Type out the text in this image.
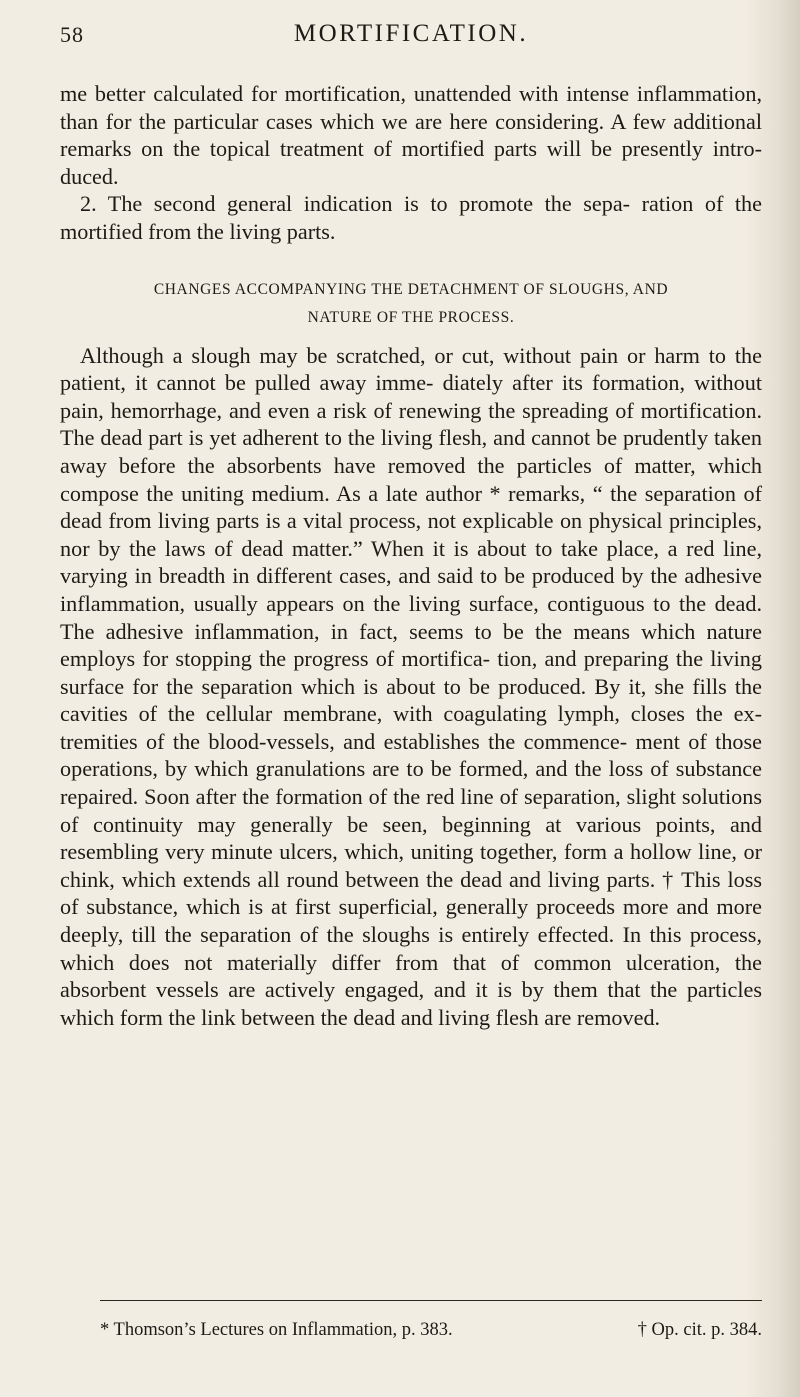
58	MORTIFICATION.

me better calculated for mortification, unattended with intense inflammation, than for the particular cases which we are here considering. A few additional remarks on the topical treatment of mortified parts will be presently intro- duced.

2. The second general indication is to promote the sepa- ration of the mortified from the living parts.

CHANGES ACCOMPANYING THE DETACHMENT OF SLOUGHS, AND
NATURE OF THE PROCESS.

Although a slough may be scratched, or cut, without pain or harm to the patient, it cannot be pulled away imme- diately after its formation, without pain, hemorrhage, and even a risk of renewing the spreading of mortification. The dead part is yet adherent to the living flesh, and cannot be prudently taken away before the absorbents have removed the particles of matter, which compose the uniting medium. As a late author * remarks, “ the separation of dead from living parts is a vital process, not explicable on physical principles, nor by the laws of dead matter.” When it is about to take place, a red line, varying in breadth in different cases, and said to be produced by the adhesive inflammation, usually appears on the living surface, contiguous to the dead. The adhesive inflammation, in fact, seems to be the means which nature employs for stopping the progress of mortifica- tion, and preparing the living surface for the separation which is about to be produced. By it, she fills the cavities of the cellular membrane, with coagulating lymph, closes the ex- tremities of the blood-vessels, and establishes the commence- ment of those operations, by which granulations are to be formed, and the loss of substance repaired. Soon after the formation of the red line of separation, slight solutions of continuity may generally be seen, beginning at various points, and resembling very minute ulcers, which, uniting together, form a hollow line, or chink, which extends all round between the dead and living parts. † This loss of substance, which is at first superficial, generally proceeds more and more deeply, till the separation of the sloughs is entirely effected. In this process, which does not materially differ from that of common ulceration, the absorbent vessels are actively engaged, and it is by them that the particles which form the link between the dead and living flesh are removed.

* Thomson’s Lectures on Inflammation, p. 383.	† Op. cit. p. 384.
